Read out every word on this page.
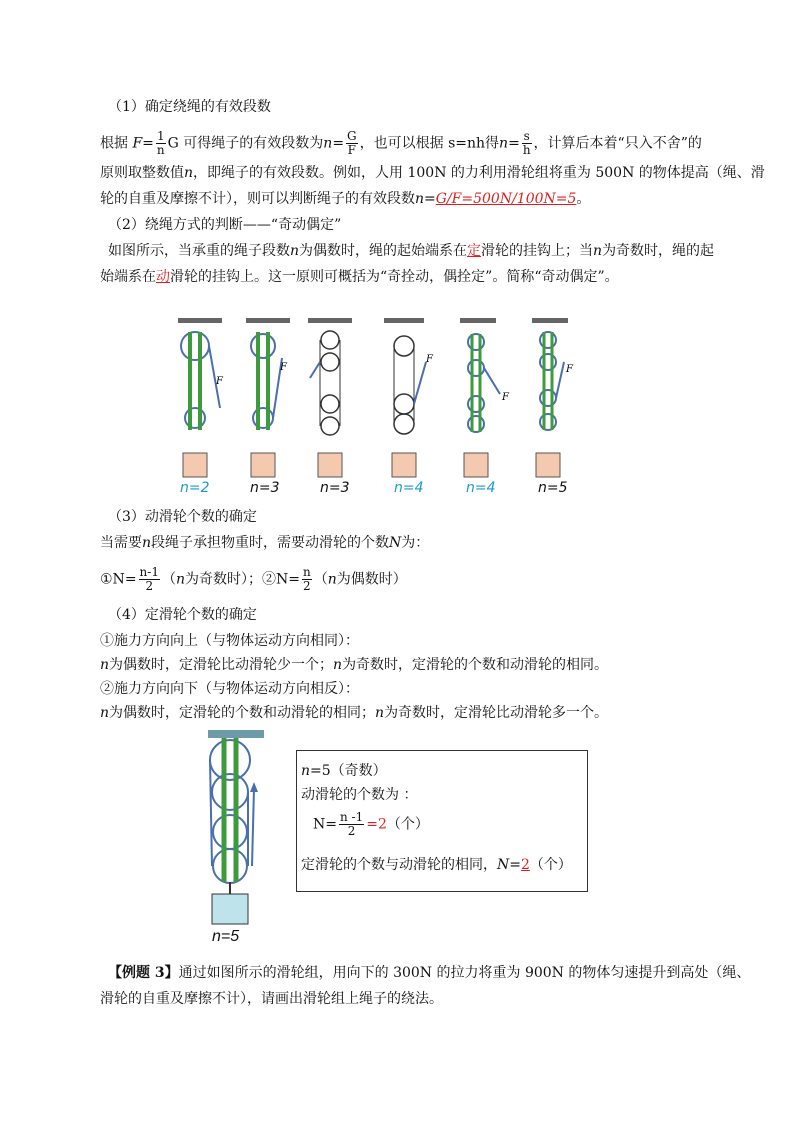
（1）确定绕绳的有效段数
根据 $F= \frac{1}{n}$ G 可得绳子的有效段数为$n= \frac{G}{F}$ ，也可以根据 s=nh得$n= \frac{s}{h}$ ，计算后本着“只入不舍”的
原则取整数值n，即绳子的有效段数。例如，人用 100N 的力利用滑轮组将重为 500N 的物体提高（绳、滑
轮的自重及摩擦不计），则可以判断绳子的有效段数n=G/F=500N/100N=5。
（2）绕绳方式的判断——“奇动偶定”
如图所示，当承重的绳子段数n为偶数时，绳的起始端系在定滑轮的挂钩上；当n为奇数时，绳的起
始端系在动滑轮的挂钩上。这一原则可概括为“奇拴动，偶拴定”。简称“奇动偶定”。
F
F
F
F
F
n=2	n=3	n=3	n=4	n=4	n=5
（3）动滑轮个数的确定
当需要n段绳子承担物重时，需要动滑轮的个数N为：
①N= $\frac{n-1}{2} (n$为奇数时）；②N= $\frac{n}{2} (n$为偶数时）
（4）定滑轮个数的确定
①施力方向向上（与物体运动方向相同）：
n为偶数时，定滑轮比动滑轮少一个；n为奇数时，定滑轮的个数和动滑轮的相同。
②施力方向向下（与物体运动方向相反）：
n为偶数时，定滑轮的个数和动滑轮的相同；n为奇数时，定滑轮比动滑轮多一个。
n=5
n=5（奇数）
动滑轮的个数为 ：
$N= \frac{n -1}{2} =2$（个）
定滑轮的个数与动滑轮的相同，N=2（个）
【例题 3】通过如图所示的滑轮组，用向下的 300N 的拉力将重为 900N 的物体匀速提升到高处（绳、
滑轮的自重及摩擦不计），请画出滑轮组上绳子的绕法。
